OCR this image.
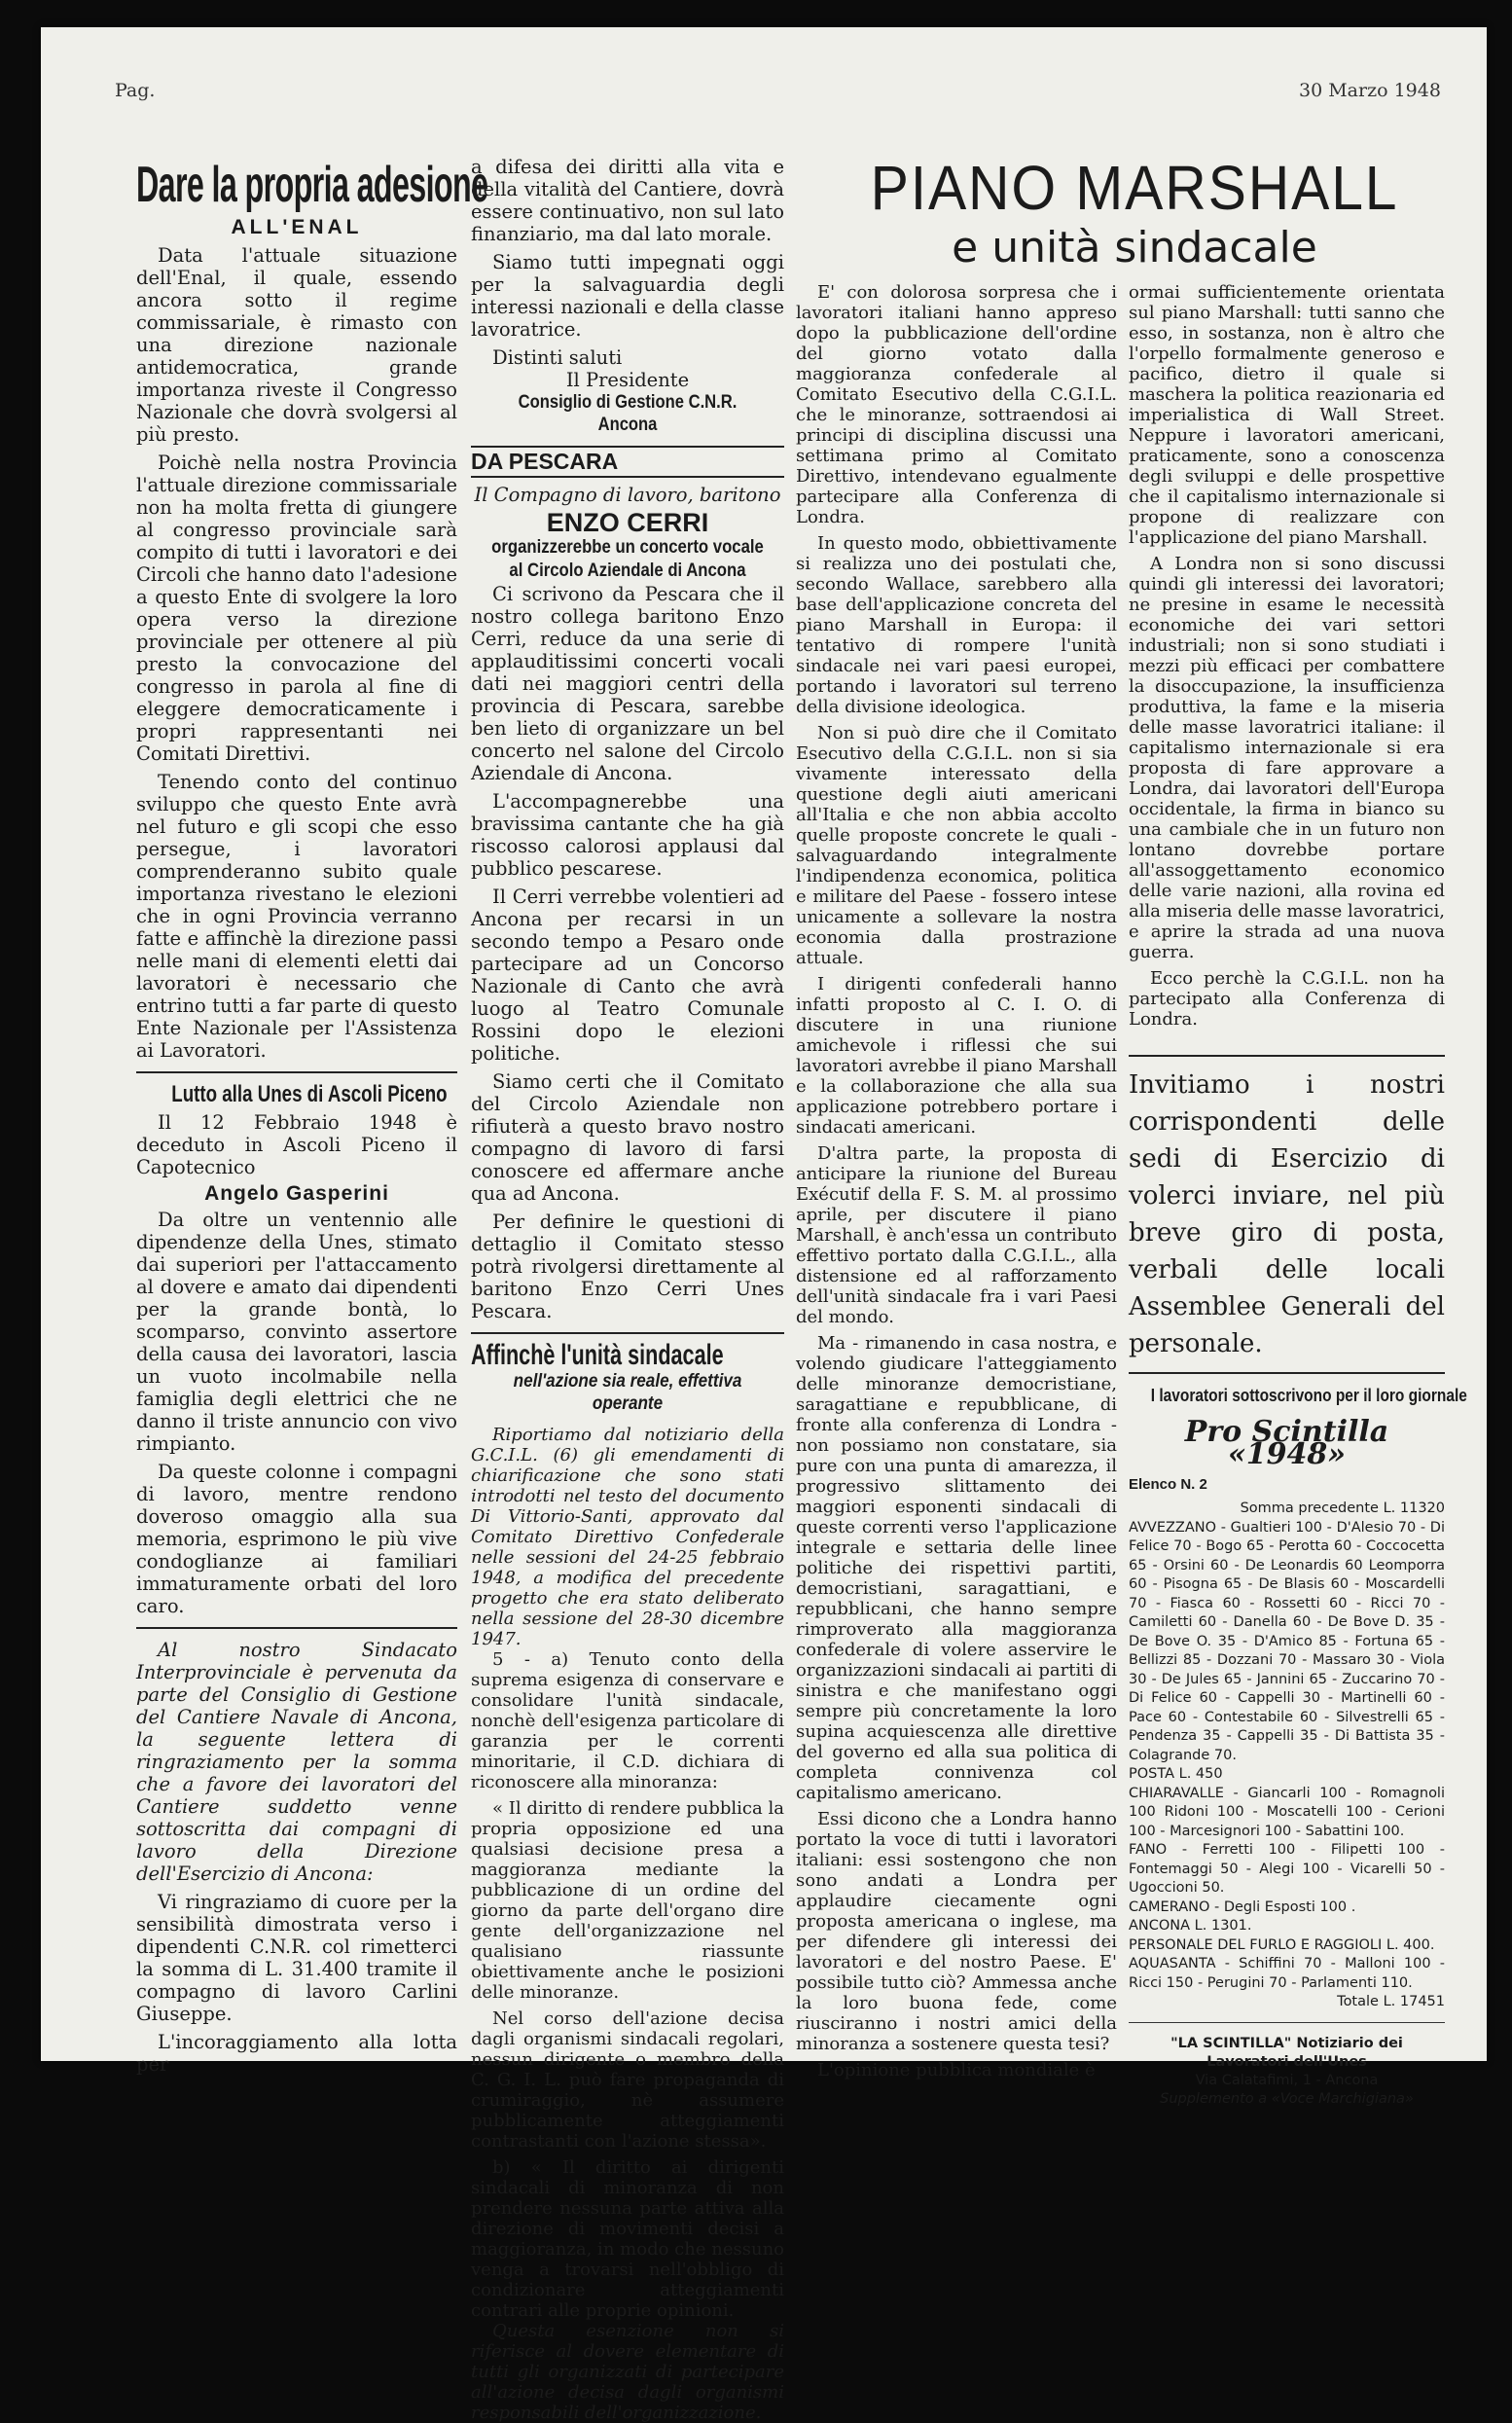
Pag.	30 Marzo 1948
Dare la propria adesione
ALL'ENAL

Data l'attuale situazione dell'Enal, il quale, essendo ancora sotto il regime commissariale, è rimasto con una direzione nazionale antidemocratica, grande importanza riveste il Congresso Nazionale che dovrà svolgersi al più presto.

Poichè nella nostra Provincia l'attuale direzione commissariale non ha molta fretta di giungere al congresso provinciale sarà compito di tutti i lavoratori e dei Circoli che hanno dato l'adesione a questo Ente di svolgere la loro opera verso la direzione provinciale per ottenere al più presto la convocazione del congresso in parola al fine di eleggere democraticamente i propri rappresentanti nei Comitati Direttivi.

Tenendo conto del continuo sviluppo che questo Ente avrà nel futuro e gli scopi che esso persegue, i lavoratori comprenderanno subito quale importanza rivestano le elezioni che in ogni Provincia verranno fatte e affinchè la direzione passi nelle mani di elementi eletti dai lavoratori è necessario che entrino tutti a far parte di questo Ente Nazionale per l'Assistenza ai Lavoratori.

Lutto alla Unes di Ascoli Piceno

Il 12 Febbraio 1948 è deceduto in Ascoli Piceno il Capotecnico

Angelo Gasperini

Da oltre un ventennio alle dipendenze della Unes, stimato dai superiori per l'attaccamento al dovere e amato dai dipendenti per la grande bontà, lo scomparso, convinto assertore della causa dei lavoratori, lascia un vuoto incolmabile nella famiglia degli elettrici che ne danno il triste annuncio con vivo rimpianto.

Da queste colonne i compagni di lavoro, mentre rendono doveroso omaggio alla sua memoria, esprimono le più vive condoglianze ai familiari immaturamente orbati del loro caro.

Al nostro Sindacato Interprovinciale è pervenuta da parte del Consiglio di Gestione del Cantiere Navale di Ancona, la seguente lettera di ringraziamento per la somma che a favore dei lavoratori del Cantiere suddetto venne sottoscritta dai compagni di lavoro della Direzione dell'Esercizio di Ancona:

Vi ringraziamo di cuore per la sensibilità dimostrata verso i dipendenti C.N.R. col rimetterci la somma di L. 31.400 tramite il compagno di lavoro Carlini Giuseppe.

L'incoraggiamento alla lotta per

a difesa dei diritti alla vita e della vitalità del Cantiere, dovrà essere continuativo, non sul lato finanziario, ma dal lato morale.

Siamo tutti impegnati oggi per la salvaguardia degli interessi nazionali e della classe lavoratrice.

Distinti saluti

Il Presidente
Consiglio di Gestione C.N.R.
Ancona
DA PESCARA
Il Compagno di lavoro, baritono
ENZO CERRI
organizzerebbe un concerto vocale al Circolo Aziendale di Ancona

Ci scrivono da Pescara che il nostro collega baritono Enzo Cerri, reduce da una serie di applauditissimi concerti vocali dati nei maggiori centri della provincia di Pescara, sarebbe ben lieto di organizzare un bel concerto nel salone del Circolo Aziendale di Ancona.

L'accompagnerebbe una bravissima cantante che ha già riscosso calorosi applausi dal pubblico pescarese.

Il Cerri verrebbe volentieri ad Ancona per recarsi in un secondo tempo a Pesaro onde partecipare ad un Concorso Nazionale di Canto che avrà luogo al Teatro Comunale Rossini dopo le elezioni politiche.

Siamo certi che il Comitato del Circolo Aziendale non rifiuterà a questo bravo nostro compagno di lavoro di farsi conoscere ed affermare anche qua ad Ancona.

Per definire le questioni di dettaglio il Comitato stesso potrà rivolgersi direttamente al baritono Enzo Cerri Unes Pescara.

Affinchè l'unità sindacale
nell'azione sia reale, effettiva operante

Riportiamo dal notiziario della G.C.I.L. (6) gli emendamenti di chiarificazione che sono stati introdotti nel testo del documento Di Vittorio-Santi, approvato dal Comitato Direttivo Confederale nelle sessioni del 24-25 febbraio 1948, a modifica del precedente progetto che era stato deliberato nella sessione del 28-30 dicembre 1947.

5 - a) Tenuto conto della suprema esigenza di conservare e consolidare l'unità sindacale, nonchè dell'esigenza particolare di garanzia per le correnti minoritarie, il C.D. dichiara di riconoscere alla minoranza:

« Il diritto di rendere pubblica la propria opposizione ed una qualsiasi decisione presa a maggioranza mediante la pubblicazione di un ordine del giorno da parte dell'organo dire gente dell'organizzazione nel qualisiano riassunte obiettivamente anche le posizioni delle minoranze.

Nel corso dell'azione decisa dagli organismi sindacali regolari, nessun dirigente o membro della C. G. I. L. può fare propaganda di crumiraggio, nè assumere pubblicamente atteggiamenti contrastanti con l'azione stessa».

b) « Il diritto ai dirigenti sindacali di minoranza di non prendere nessuna parte attiva alla direzione di movimenti decisi a maggioranza, in modo che nessuno venga a trovarsi nell'obbligo di condizionare atteggiamenti contrari alle proprie opinioni.

Questa esenzione non si riferisce al dovere elementare di tutti gli organizzati di partecipare all'azione decisa dagli organismi responsabili dell'organizzazione.

PIANO MARSHALL
e unità sindacale

E' con dolorosa sorpresa che i lavoratori italiani hanno appreso dopo la pubblicazione dell'ordine del giorno votato dalla maggioranza confederale al Comitato Esecutivo della C.G.I.L. che le minoranze, sottraendosi ai principi di disciplina discussi una settimana primo al Comitato Direttivo, intendevano egualmente partecipare alla Conferenza di Londra.

In questo modo, obbiettivamente si realizza uno dei postulati che, secondo Wallace, sarebbero alla base dell'applicazione concreta del piano Marshall in Europa: il tentativo di rompere l'unità sindacale nei vari paesi europei, portando i lavoratori sul terreno della divisione ideologica.

Non si può dire che il Comitato Esecutivo della C.G.I.L. non si sia vivamente interessato della questione degli aiuti americani all'Italia e che non abbia accolto quelle proposte concrete le quali - salvaguardando integralmente l'indipendenza economica, politica e militare del Paese - fossero intese unicamente a sollevare la nostra economia dalla prostrazione attuale.

I dirigenti confederali hanno infatti proposto al C. I. O. di discutere in una riunione amichevole i riflessi che sui lavoratori avrebbe il piano Marshall e la collaborazione che alla sua applicazione potrebbero portare i sindacati americani.

D'altra parte, la proposta di anticipare la riunione del Bureau Exécutif della F. S. M. al prossimo aprile, per discutere il piano Marshall, è anch'essa un contributo effettivo portato dalla C.G.I.L., alla distensione ed al rafforzamento dell'unità sindacale fra i vari Paesi del mondo.

Ma - rimanendo in casa nostra, e volendo giudicare l'atteggiamento delle minoranze democristiane, saragattiane e repubblicane, di fronte alla conferenza di Londra - non possiamo non constatare, sia pure con una punta di amarezza, il progressivo slittamento dei maggiori esponenti sindacali di queste correnti verso l'applicazione integrale e settaria delle linee politiche dei rispettivi partiti, democristiani, saragattiani, e repubblicani, che hanno sempre rimproverato alla maggioranza confederale di volere asservire le organizzazioni sindacali ai partiti di sinistra e che manifestano oggi sempre più concretamente la loro supina acquiescenza alle direttive del governo ed alla sua politica di completa connivenza col capitalismo americano.

Essi dicono che a Londra hanno portato la voce di tutti i lavoratori italiani: essi sostengono che non sono andati a Londra per applaudire ciecamente ogni proposta americana o inglese, ma per difendere gli interessi dei lavoratori e del nostro Paese. E' possibile tutto ciò? Ammessa anche la loro buona fede, come riusciranno i nostri amici della minoranza a sostenere questa tesi?

L'opinione pubblica mondiale è

ormai sufficientemente orientata sul piano Marshall: tutti sanno che esso, in sostanza, non è altro che l'orpello formalmente generoso e pacifico, dietro il quale si maschera la politica reazionaria ed imperialistica di Wall Street. Neppure i lavoratori americani, praticamente, sono a conoscenza degli sviluppi e delle prospettive che il capitalismo internazionale si propone di realizzare con l'applicazione del piano Marshall.

A Londra non si sono discussi quindi gli interessi dei lavoratori; ne presine in esame le necessità economiche dei vari settori industriali; non si sono studiati i mezzi più efficaci per combattere la disoccupazione, la insufficienza produttiva, la fame e la miseria delle masse lavoratrici italiane: il capitalismo internazionale si era proposta di fare approvare a Londra, dai lavoratori dell'Europa occidentale, la firma in bianco su una cambiale che in un futuro non lontano dovrebbe portare all'assoggettamento economico delle varie nazioni, alla rovina ed alla miseria delle masse lavoratrici, e aprire la strada ad una nuova guerra.

Ecco perchè la C.G.I.L. non ha partecipato alla Conferenza di Londra.

Invitiamo i nostri corrispondenti delle sedi di Esercizio di volerci inviare, nel più breve giro di posta, verbali delle locali Assemblee Generali del personale.
I lavoratori sottoscrivono per il loro giornale
Pro Scintilla «1948»
Elenco N. 2

Somma precedente L. 11320

AVVEZZANO - Gualtieri 100 - D'Alesio 70 - Di Felice 70 - Bogo 65 - Perotta 60 - Coccocetta 65 - Orsini 60 - De Leonardis 60 Leomporra 60 - Pisogna 65 - De Blasis 60 - Moscardelli 70 - Fiasca 60 - Rossetti 60 - Ricci 70 - Camiletti 60 - Danella 60 - De Bove D. 35 - De Bove O. 35 - D'Amico 85 - Fortuna 65 - Bellizzi 85 - Dozzani 70 - Massaro 30 - Viola 30 - De Jules 65 - Jannini 65 - Zuccarino 70 - Di Felice 60 - Cappelli 30 - Martinelli 60 - Pace 60 - Contestabile 60 - Silvestrelli 65 - Pendenza 35 - Cappelli 35 - Di Battista 35 - Colagrande 70.

POSTA L. 450

CHIARAVALLE - Giancarli 100 - Romagnoli 100 Ridoni 100 - Moscatelli 100 - Cerioni 100 - Marcesignori 100 - Sabattini 100.

FANO - Ferretti 100 - Filipetti 100 - Fontemaggi 50 - Alegi 100 - Vicarelli 50 - Ugoccioni 50.

CAMERANO - Degli Esposti 100 .

ANCONA L. 1301.

PERSONALE DEL FURLO E RAGGIOLI L. 400.

AQUASANTA - Schiffini 70 - Malloni 100 - Ricci 150 - Perugini 70 - Parlamenti 110.

Totale L. 17451

"LA SCINTILLA" Notiziario dei Lavoratori dell'Unes
Via Calatafimi, 1 - Ancona
Supplemento a «Voce Marchigiana»
